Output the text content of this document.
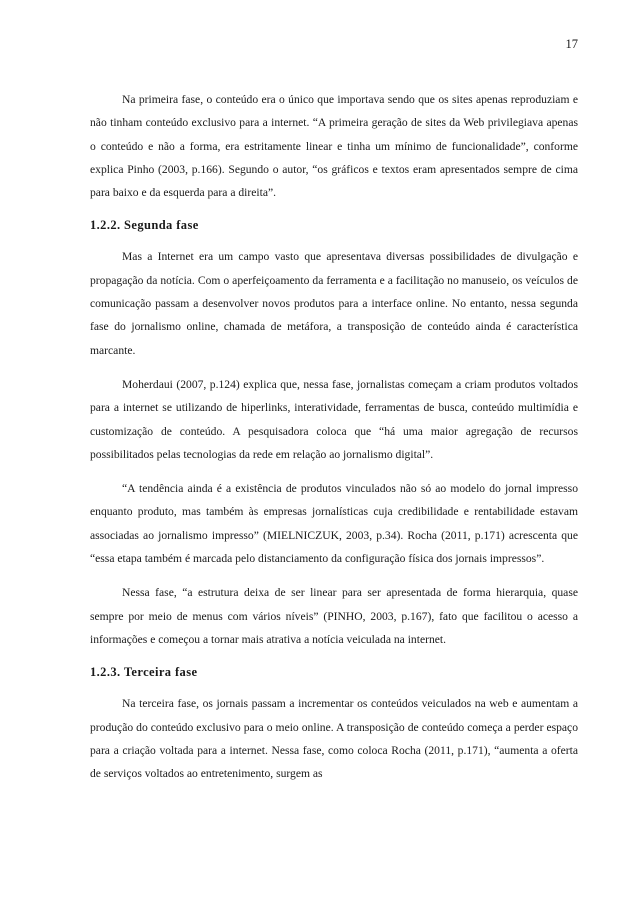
17

Na primeira fase, o conteúdo era o único que importava sendo que os sites apenas reproduziam e não tinham conteúdo exclusivo para a internet. “A primeira geração de sites da Web privilegiava apenas o conteúdo e não a forma, era estritamente linear e tinha um mínimo de funcionalidade”, conforme explica Pinho (2003, p.166). Segundo o autor, “os gráficos e textos eram apresentados sempre de cima para baixo e da esquerda para a direita”.

1.2.2. Segunda fase

Mas a Internet era um campo vasto que apresentava diversas possibilidades de divulgação e propagação da notícia. Com o aperfeiçoamento da ferramenta e a facilitação no manuseio, os veículos de comunicação passam a desenvolver novos produtos para a interface online. No entanto, nessa segunda fase do jornalismo online, chamada de metáfora, a transposição de conteúdo ainda é característica marcante.

Moherdaui (2007, p.124) explica que, nessa fase, jornalistas começam a criam produtos voltados para a internet se utilizando de hiperlinks, interatividade, ferramentas de busca, conteúdo multimídia e customização de conteúdo. A pesquisadora coloca que “há uma maior agregação de recursos possibilitados pelas tecnologias da rede em relação ao jornalismo digital”.

“A tendência ainda é a existência de produtos vinculados não só ao modelo do jornal impresso enquanto produto, mas também às empresas jornalísticas cuja credibilidade e rentabilidade estavam associadas ao jornalismo impresso” (MIELNICZUK, 2003, p.34). Rocha (2011, p.171) acrescenta que “essa etapa também é marcada pelo distanciamento da configuração física dos jornais impressos”.

Nessa fase, “a estrutura deixa de ser linear para ser apresentada de forma hierarquia, quase sempre por meio de menus com vários níveis” (PINHO, 2003, p.167), fato que facilitou o acesso a informações e começou a tornar mais atrativa a notícia veiculada na internet.

1.2.3. Terceira fase

Na terceira fase, os jornais passam a incrementar os conteúdos veiculados na web e aumentam a produção do conteúdo exclusivo para o meio online. A transposição de conteúdo começa a perder espaço para a criação voltada para a internet. Nessa fase, como coloca Rocha (2011, p.171), “aumenta a oferta de serviços voltados ao entretenimento, surgem as
